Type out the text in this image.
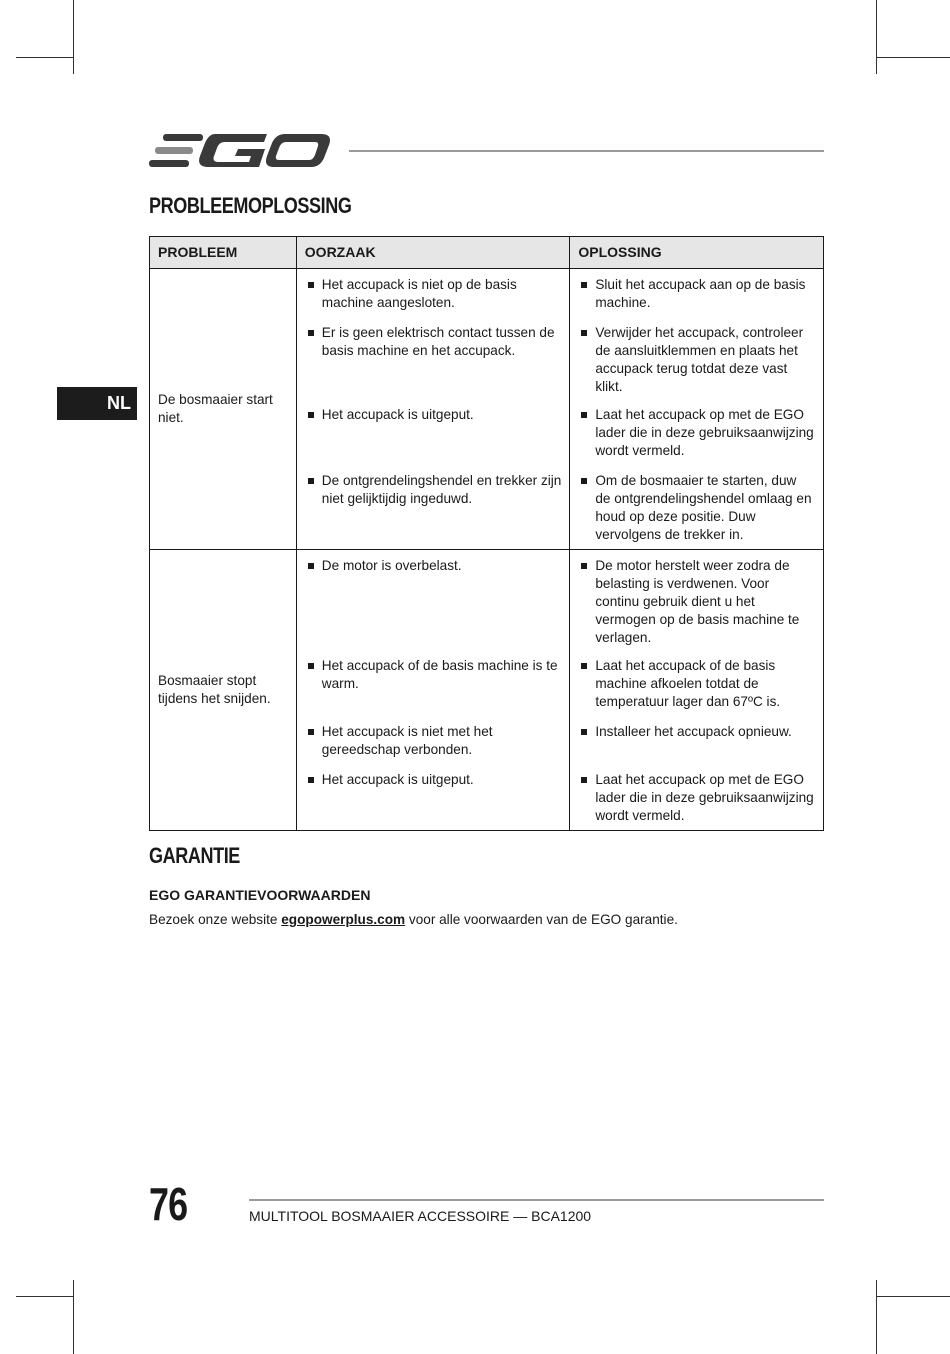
PROBLEEMOPLOSSING
NL
PROBLEEM	OORZAAK	OPLOSSING
De bosmaaier start niet.	Het accupack is niet op de basis machine aangesloten.	Sluit het accupack aan op de basis machine.

	Er is geen elektrisch contact tussen de basis machine en het accupack.	Verwijder het accupack, controleer de aansluitklemmen en plaats het accupack terug totdat deze vast klikt.

	Het accupack is uitgeput.	Laat het accupack op met de EGO lader die in deze gebruiksaanwijzing wordt vermeld.

	De ontgrendelingshendel en trekker zijn niet gelijktijdig ingeduwd.	Om de bosmaaier te starten, duw de ontgrendelingshendel omlaag en houd op deze positie. Duw vervolgens de trekker in.

Bosmaaier stopt tijdens het snijden.	De motor is overbelast.	De motor herstelt weer zodra de belasting is verdwenen. Voor continu gebruik dient u het vermogen op de basis machine te verlagen.

	Het accupack of de basis machine is te warm.	Laat het accupack of de basis machine afkoelen totdat de temperatuur lager dan 67ºC is.

	Het accupack is niet met het gereedschap verbonden.	Installeer het accupack opnieuw.

	Het accupack is uitgeput.	Laat het accupack op met de EGO lader die in deze gebruiksaanwijzing wordt vermeld.
GARANTIE
EGO GARANTIEVOORWAARDEN
Bezoek onze website egopowerplus.com voor alle voorwaarden van de EGO garantie.
76	MULTITOOL BOSMAAIER ACCESSOIRE — BCA1200
